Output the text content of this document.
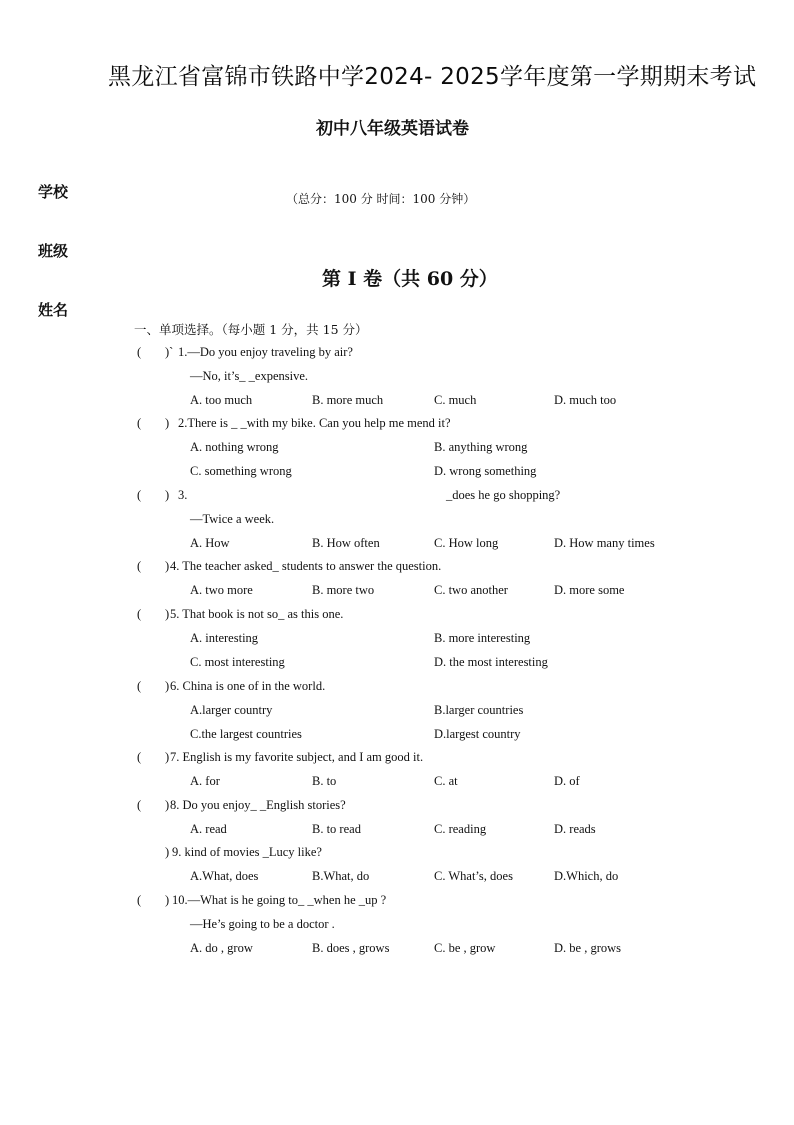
黑龙江省富锦市铁路中学2024- 2025学年度第一学期期末考试
初中八年级英语试卷
学校
班级
姓名
（总分：100 分 时间：100 分钟）
第 Ⅰ 卷（共 60 分）
一、单项选择。（每小题 1 分，共 15 分）
( )` 1.—Do you enjoy traveling by air?
—No, it’s_ _expensive.
A. too much	B. more much	C. much	D. much too
( ) 2.There is _ _with my bike. Can you help me mend it?
A. nothing wrong	B. anything wrong
C. something wrong	D. wrong something
( ) 3.	_does he go shopping?
—Twice a week.
A. How	B. How often	C. How long	D. How many times
( ) 4. The teacher asked_ students to answer the question.
A. two more	B. more two	C. two another	D. more some
( ) 5. That book is not so_ as this one.
A. interesting	B. more interesting
C. most interesting	D. the most interesting
( ) 6. China is one of in the world.
A.larger country	B.larger countries
C.the largest countries	D.largest country
( ) 7. English is my favorite subject, and I am good it.
A. for	B. to	C. at	D. of
( ) 8. Do you enjoy_ _English stories?
A. read	B. to read	C. reading	D. reads
) 9. kind of movies _Lucy like?
A.What, does	B.What, do	C. What’s, does	D.Which, do
( ) 10.—What is he going to_ _when he _up ?
—He’s going to be a doctor .
A. do , grow	B. does , grows	C. be , grow	D. be , grows
